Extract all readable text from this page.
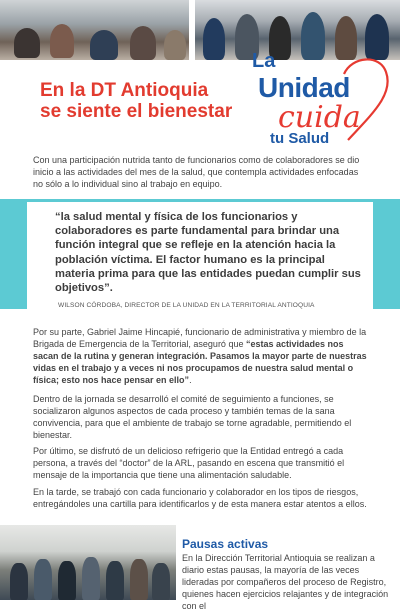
La
Unidad
cuida
tu Salud
En la DT Antioquia
se siente el bienestar
Con una participación nutrida tanto de funcionarios como de colaboradores se dio inicio a las actividades del mes de la salud, que contempla actividades enfocadas no sólo a lo individual sino al trabajo en equipo.
“la salud mental y física de los funcionarios y colaboradores es parte fundamental para brindar una función integral que se refleje en la atención hacia la población víctima. El factor humano es la principal materia prima para que las entidades puedan cumplir sus objetivos”.
WILSON CÓRDOBA, DIRECTOR DE LA UNIDAD EN LA TERRITORIAL ANTIOQUIA
Por su parte, Gabriel Jaime Hincapié, funcionario de administrativa y miembro de la Brigada de Emergencia de la Territorial, aseguró que “estas actividades nos sacan de la rutina y generan integración. Pasamos la mayor parte de nuestras vidas en el trabajo y a veces ni nos procupamos de nuestra salud mental o física; esto nos hace pensar en ello”.
Dentro de la jornada se desarrolló el comité de seguimiento a funciones, se socializaron algunos aspectos de cada proceso y también temas de la sana convivencia, para que el ambiente de trabajo se torne agradable, permitiendo el bienestar.
Por último, se disfrutó de un delicioso refrigerio que la Entidad entregó a cada persona, a través del “doctor” de la ARL, pasando en escena que transmitió el mensaje de la importancia que tiene una alimentación saludable.
En la tarde, se trabajó con cada funcionario y colaborador en los tipos de riesgos, entregándoles una cartilla para identificarlos y de esta manera estar atentos a ellos.
Pausas activas
En la Dirección Territorial Antioquia se realizan a diario estas pausas, la mayoría de las veces lideradas por compañeros del proceso de Registro, quienes hacen ejercicios relajantes y de integración con el
